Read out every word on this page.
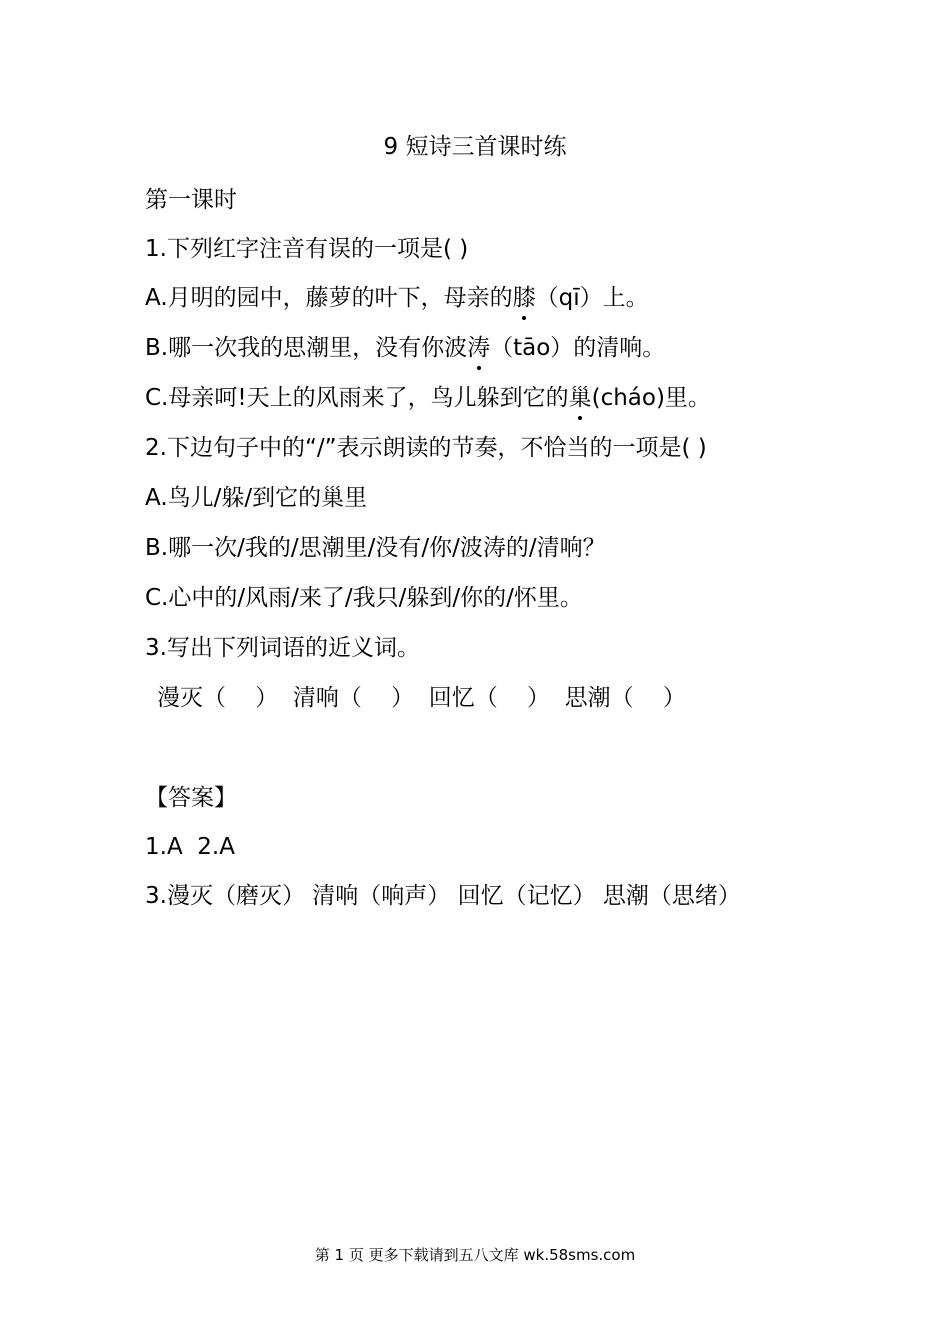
9 短诗三首课时练
第一课时
1.下列红字注音有误的一项是( )
A.月明的园中，藤萝的叶下，母亲的膝（qī）上。
B.哪一次我的思潮里，没有你波涛（tāo）的清响。
C.母亲呵!天上的风雨来了，鸟儿躲到它的巢(cháo)里。
2.下边句子中的“/”表示朗读的节奏，不恰当的一项是( )
A.鸟儿/躲/到它的巢里
B.哪一次/我的/思潮里/没有/你/波涛的/清响？
C.心中的/风雨/来了/我只/躲到/你的/怀里。
3.写出下列词语的近义词。
漫灭（    ）  清响（    ）  回忆（    ）  思潮（    ）
【答案】
1.A  2.A
3.漫灭（磨灭） 清响（响声） 回忆（记忆） 思潮（思绪）
第 1 页 更多下载请到五八文库 wk.58sms.com
